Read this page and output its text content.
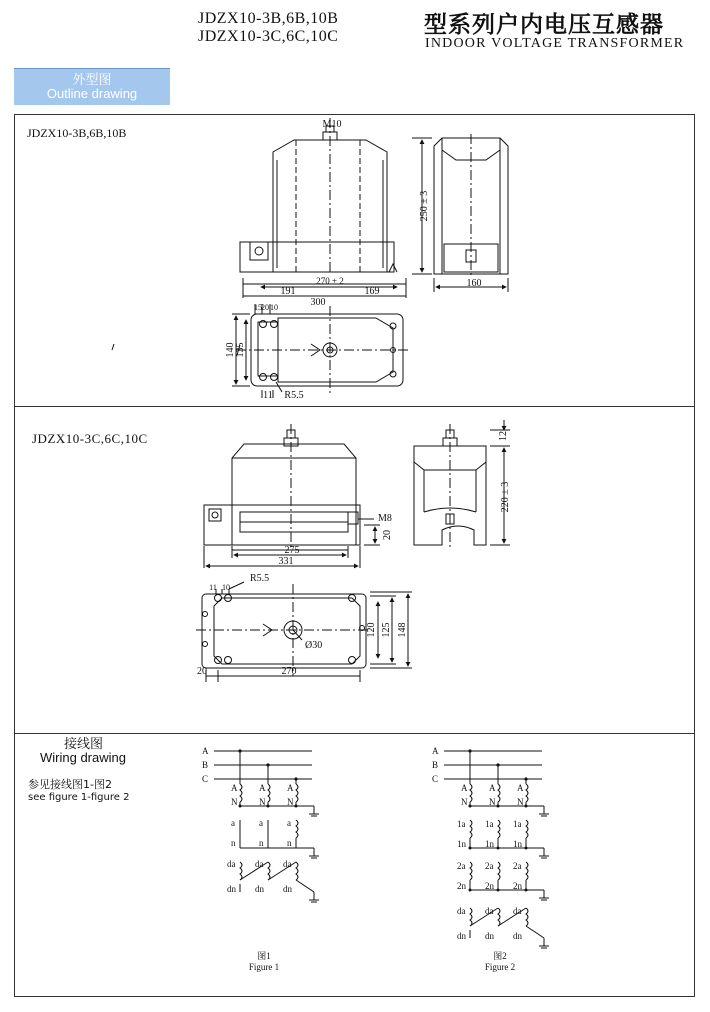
JDZX10-3B,6B,10B
JDZX10-3C,6C,10C	型系列户内电压互感器
INDOOR VOLTAGE TRANSFORMER
外型图
Outline drawing
JDZX10-3B,6B,10B
JDZX10-3C,6C,10C
接线图
Wiring drawing
参见接线图1-图2
see figure 1-figure 2
M10
270 ± 2
191	169
300
250 ± 3
160
15 20 10
140 135
11 R5.5
M8
20
275
331
12
220 ± 3
11 10
R5.5
120 125 148
Ø30
20	270
A
B
C
A A A
N N N
a	a	a
n	n	n
da da da
dn dn dn
图1
Figure 1
A
B
C
A A A
N N N
1a 1a 1a
1n 1n 1n
2a 2a 2a
2n 2n 2n
da da da
dn dn dn
图2
Figure 2
